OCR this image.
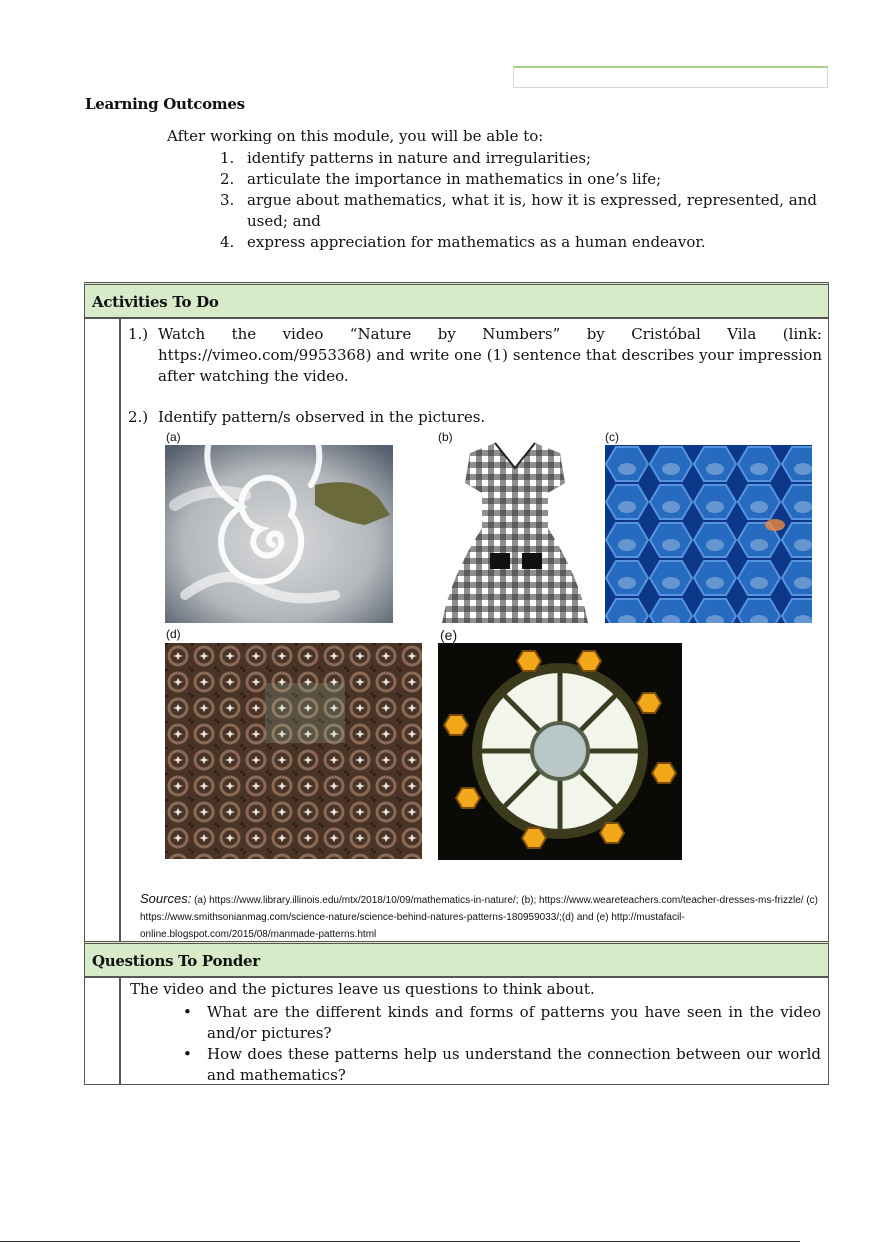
Learning Outcomes
After working on this module, you will be able to:
1. identify patterns in nature and irregularities;
2. articulate the importance in mathematics in one’s life;
3. argue about mathematics, what it is, how it is expressed, represented, and used; and
4. express appreciation for mathematics as a human endeavor.
Activities To Do
1.) Watch the video “Nature by Numbers” by Cristóbal Vila (link: https://vimeo.com/9953368) and write one (1) sentence that describes your impression after watching the video.
2.) Identify pattern/s observed in the pictures.
(a)	(b)	(c)
(d)	(e)
Sources: (a) https://www.library.illinois.edu/mtx/2018/10/09/mathematics-in-nature/; (b); https://www.weareteachers.com/teacher-dresses-ms-frizzle/ (c) https://www.smithsonianmag.com/science-nature/science-behind-natures-patterns-180959033/;(d) and (e) http://mustafacil-online.blogspot.com/2015/08/manmade-patterns.html
Questions To Ponder
The video and the pictures leave us questions to think about.
• What are the different kinds and forms of patterns you have seen in the video and/or pictures?
• How does these patterns help us understand the connection between our world and mathematics?
